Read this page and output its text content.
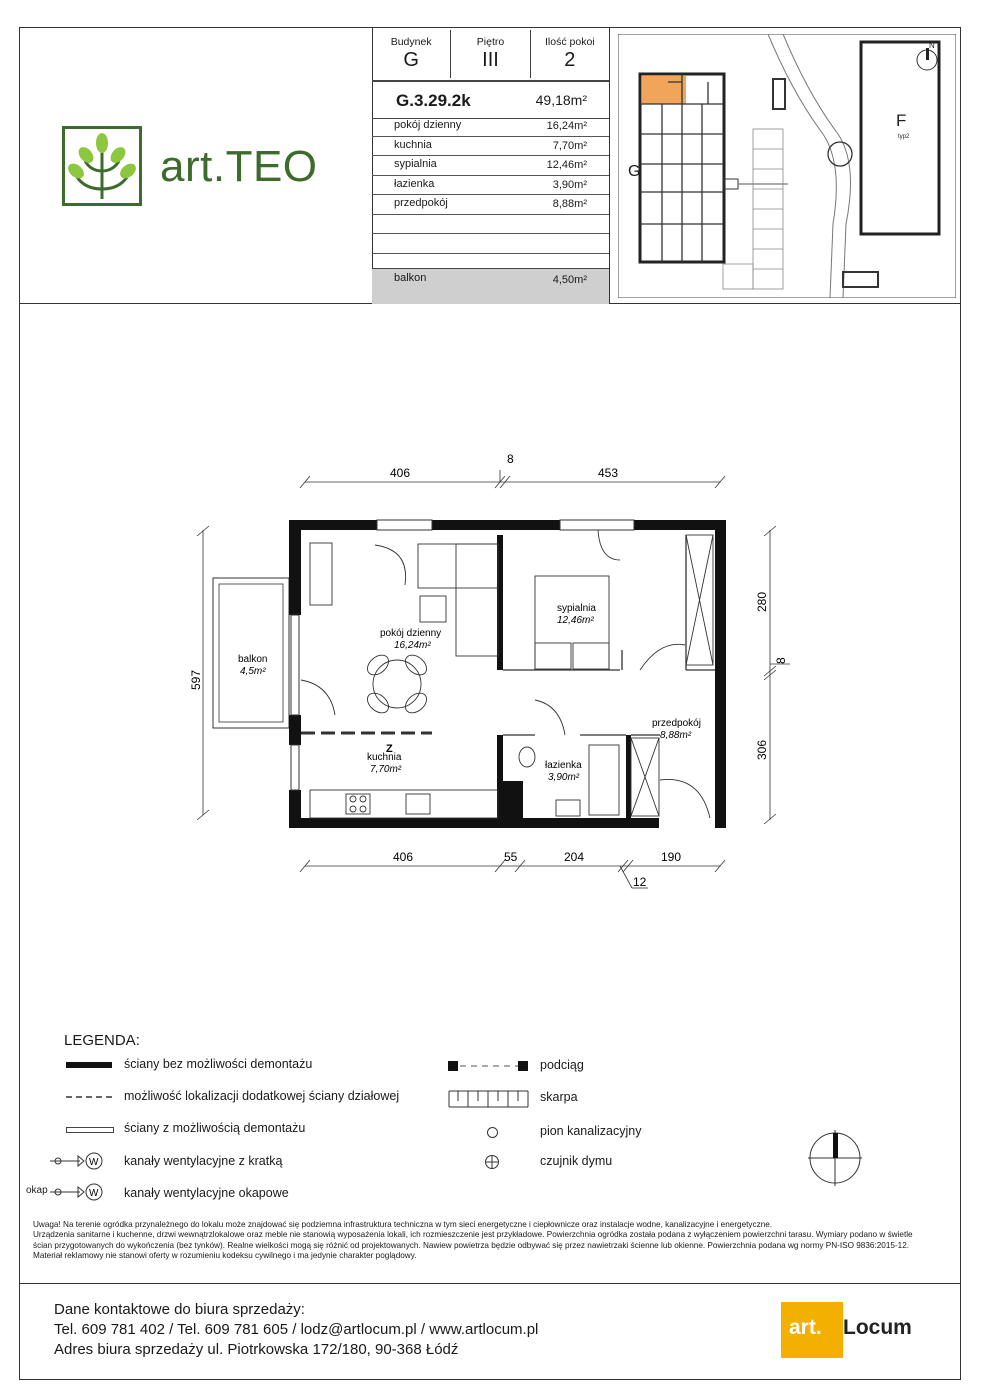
art.TEO
Budynek
G
Piętro
III
Ilość pokoi
2
G.3.29.2k	49,18m²
pokój dzienny	16,24m²
kuchnia	7,70m²
sypialnia	12,46m²
łazienka	3,90m²
przedpokój	8,88m²
balkon	4,50m²
G
F
typ2
N
406
8
453
597
280
8
306
406	55	204	190
12
balkon
4,5m²
Z
pokój dzienny
16,24m²
sypialnia
12,46m²
kuchnia
7,70m²	łazienka
3,90m²
przedpokój
8,88m²
LEGENDA:
ściany bez możliwości demontażu
możliwość lokalizacji dodatkowej ściany działowej
ściany z możliwością demontażu
W kanały wentylacyjne z kratką
okap	W kanały wentylacyjne okapowe
podciąg
skarpa
pion kanalizacyjny
czujnik dymu
Uwaga! Na terenie ogródka przynależnego do lokalu może znajdować się podziemna infrastruktura techniczna w tym sieci energetyczne i ciepłownicze oraz instalacje wodne, kanalizacyjne i energetyczne.
Urządzenia sanitarne i kuchenne, drzwi wewnątrzlokalowe oraz meble nie stanowią wyposażenia lokali, ich rozmieszczenie jest przykładowe. Powierzchnia ogródka została podana z wyłączeniem powierzchni tarasu. Wymiary podano w świetle ścian przygotowanych do wykończenia (bez tynków). Realne wielkości mogą się różnić od projektowanych. Nawiew powietrza będzie odbywać się przez nawietrzaki ścienne lub okienne. Powierzchnia podana wg normy PN-ISO 9836:2015-12. Materiał reklamowy nie stanowi oferty w rozumieniu kodeksu cywilnego i ma jedynie charakter poglądowy.
Dane kontaktowe do biura sprzedaży:
Tel. 609 781 402 / Tel. 609 781 605 / lodz@artlocum.pl / www.artlocum.pl
Adres biura sprzedaży ul. Piotrkowska 172/180, 90-368 Łódź
art. Locum
